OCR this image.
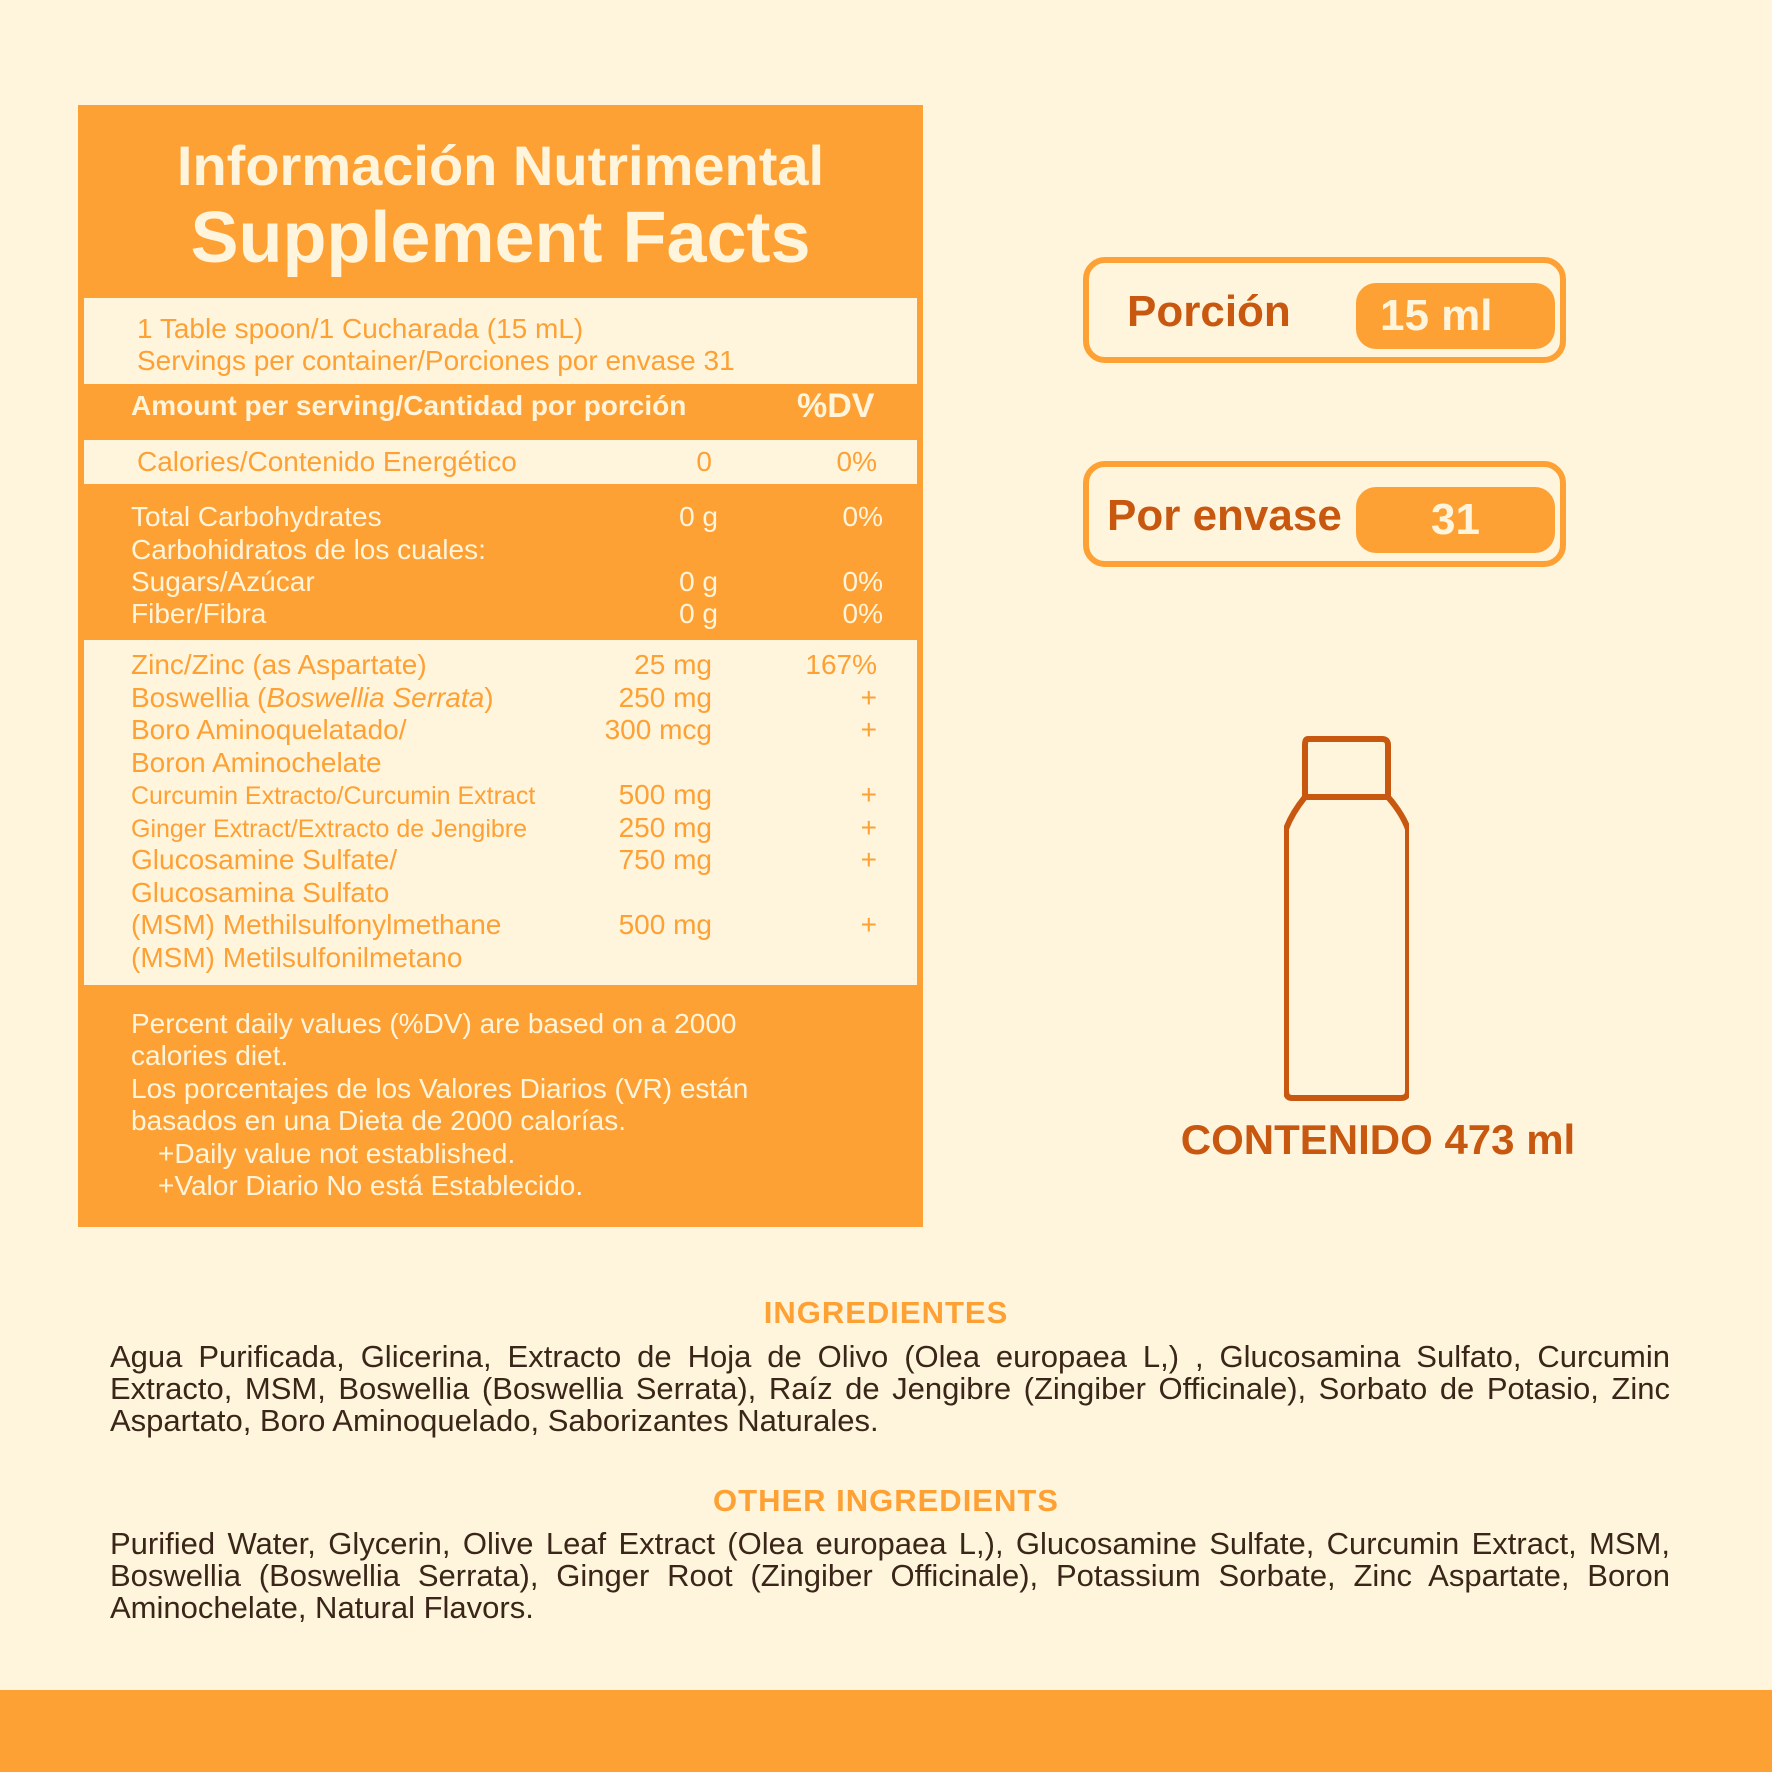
Información Nutrimental
Supplement Facts
1 Table spoon/1 Cucharada (15 mL)
Servings per container/Porciones por envase 31
Amount per serving/Cantidad por porción	%DV
Calories/Contenido Energético	0	0%
Total Carbohydrates	0 g	0%
Carbohidratos de los cuales:
Sugars/Azúcar	0 g	0%
Fiber/Fibra	0 g	0%
Zinc/Zinc (as Aspartate)	25 mg	167%
Boswellia (Boswellia Serrata)	250 mg	+
Boro Aminoquelatado/	300 mcg	+
Boron Aminochelate
Curcumin Extracto/Curcumin Extract	500 mg	+
Ginger Extract/Extracto de Jengibre	250 mg	+
Glucosamine Sulfate/	750 mg	+
Glucosamina Sulfato
(MSM) Methilsulfonylmethane	500 mg	+
(MSM) Metilsulfonilmetano
Percent daily values (%DV) are based on a 2000
calories diet.
Los porcentajes de los Valores Diarios (VR) están
basados en una Dieta de 2000 calorías.
+Daily value not established.
+Valor Diario No está Establecido.
Porción	15 ml
Por envase	31
CONTENIDO 473 ml
INGREDIENTES
Agua Purificada, Glicerina, Extracto de Hoja de Olivo (Olea europaea L,) , Glucosamina Sulfato, Curcumin Extracto, MSM, Boswellia (Boswellia Serrata), Raíz de Jengibre (Zingiber Officinale), Sorbato de Potasio, Zinc Aspartato, Boro Aminoquelado, Saborizantes Naturales.
OTHER INGREDIENTS
Purified Water, Glycerin, Olive Leaf Extract (Olea europaea L,), Glucosamine Sulfate, Curcumin Extract, MSM, Boswellia (Boswellia Serrata), Ginger Root (Zingiber Officinale), Potassium Sorbate, Zinc Aspartate, Boron Aminochelate, Natural Flavors.
